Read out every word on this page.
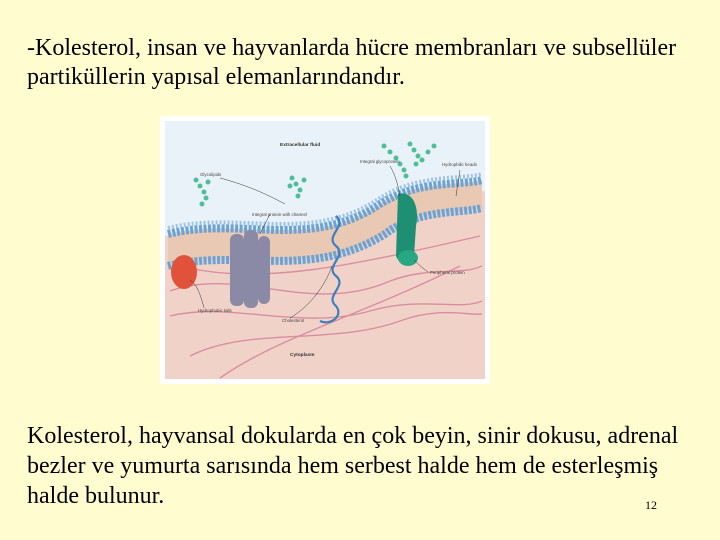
-Kolesterol, insan ve hayvanlarda hücre membranları ve subsellüler partiküllerin yapısal elemanlarındandır.
Extracellular fluid
Glycolipids
Integral glycoprotein
Hydrophilic heads
Integral protein with channel
Peripheral protein
Hydrophobic tails
Cholesterol
Cytoplasm
Kolesterol, hayvansal dokularda en çok beyin, sinir dokusu, adrenal bezler ve yumurta sarısında hem serbest halde hem de esterleşmiş halde bulunur.	12
